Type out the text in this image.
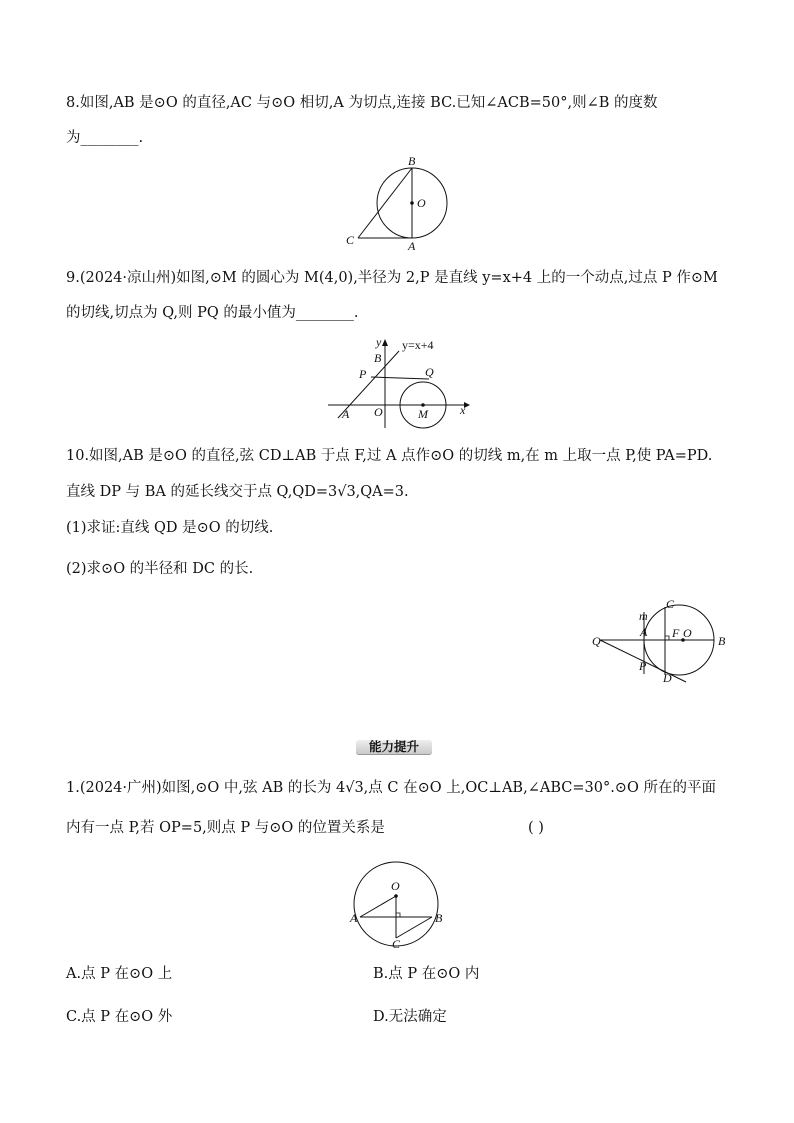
8.如图,AB 是⊙O 的直径,AC 与⊙O 相切,A 为切点,连接 BC.已知∠ACB=50°,则∠B 的度数
为________.
B
O
C	A
9.(2024·凉山州)如图,⊙M 的圆心为 M(4,0),半径为 2,P 是直线 y=x+4 上的一个动点,过点 P 作⊙M
的切线,切点为 Q,则 PQ 的最小值为________.
y y=x+4
B
P	Q
A O	M	x
10.如图,AB 是⊙O 的直径,弦 CD⊥AB 于点 F,过 A 点作⊙O 的切线 m,在 m 上取一点 P,使 PA=PD.
直线 DP 与 BA 的延长线交于点 Q,QD=3√3,QA=3.
(1)求证:直线 QD 是⊙O 的切线.
(2)求⊙O 的半径和 DC 的长.
C
m
A F O
Q	B
P
D
能力提升
1.(2024·广州)如图,⊙O 中,弦 AB 的长为 4√3,点 C 在⊙O 上,OC⊥AB,∠ABC=30°.⊙O 所在的平面
内有一点 P,若 OP=5,则点 P 与⊙O 的位置关系是	( )
O
A	B
C
A.点 P 在⊙O 上	B.点 P 在⊙O 内
C.点 P 在⊙O 外	D.无法确定
